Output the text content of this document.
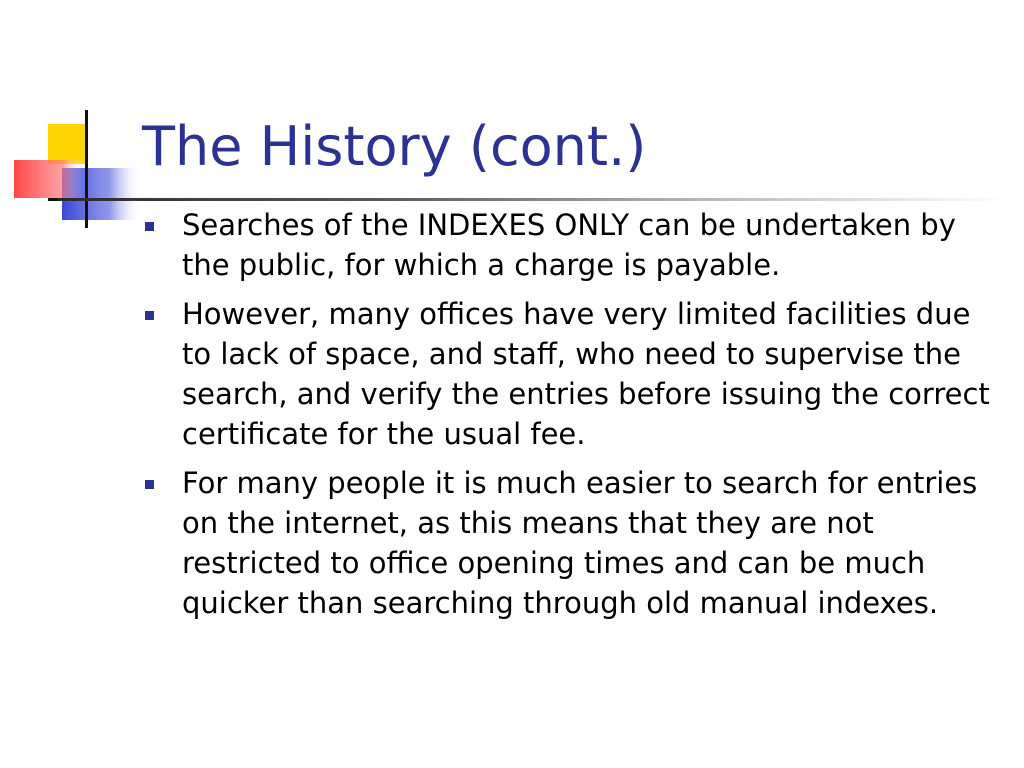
The History (cont.)
Searches of the INDEXES ONLY can be undertaken by the public, for which a charge is payable.
However, many offices have very limited facilities due to lack of space, and staff, who need to supervise the search, and verify the entries before issuing the correct certificate for the usual fee.
For many people it is much easier to search for entries on the internet, as this means that they are not restricted to office opening times and can be much quicker than searching through old manual indexes.
